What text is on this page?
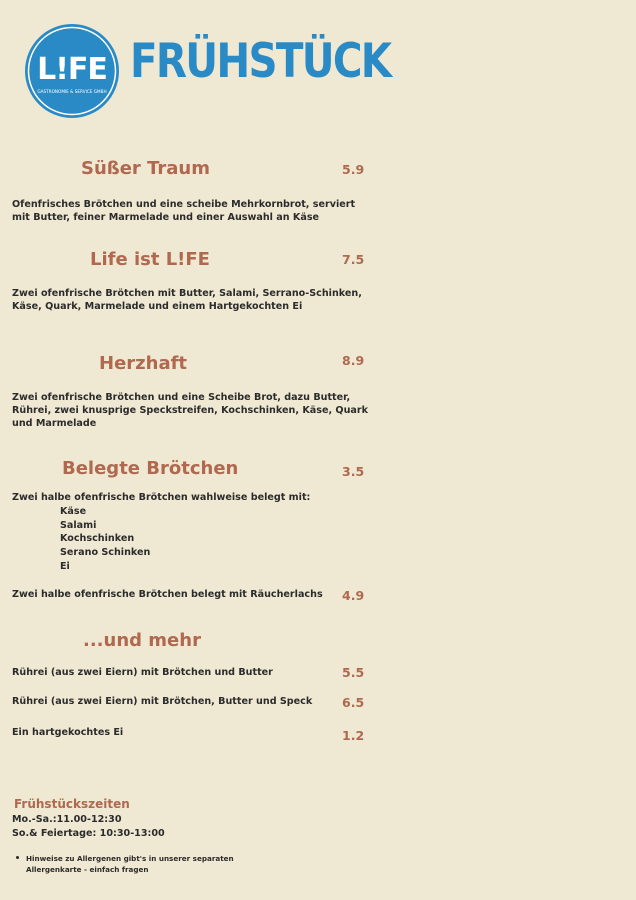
L!FE
GASTRONOMIE & SERVICE GMBH
FRÜHSTÜCK
Süßer Traum	5.9
Ofenfrisches Brötchen und eine scheibe Mehrkornbrot, serviert mit Butter, feiner Marmelade und einer Auswahl an Käse
Life ist L!FE	7.5
Zwei ofenfrische Brötchen mit Butter, Salami, Serrano-Schinken, Käse, Quark, Marmelade und einem Hartgekochten Ei
Herzhaft	8.9
Zwei ofenfrische Brötchen und eine Scheibe Brot, dazu Butter, Rührei, zwei knusprige Speckstreifen, Kochschinken, Käse, Quark und Marmelade
Belegte Brötchen	3.5
Zwei halbe ofenfrische Brötchen wahlweise belegt mit:
Käse
Salami
Kochschinken
Serano Schinken
Ei
Zwei halbe ofenfrische Brötchen belegt mit Räucherlachs 4.9
...und mehr
Rührei (aus zwei Eiern) mit Brötchen und Butter	5.5
Rührei (aus zwei Eiern) mit Brötchen, Butter und Speck 6.5
Ein hartgekochtes Ei	1.2
Frühstückszeiten
Mo.-Sa.:11.00-12:30
So.& Feiertage: 10:30-13:00
Hinweise zu Allergenen gibt's in unserer separaten Allergenkarte - einfach fragen
